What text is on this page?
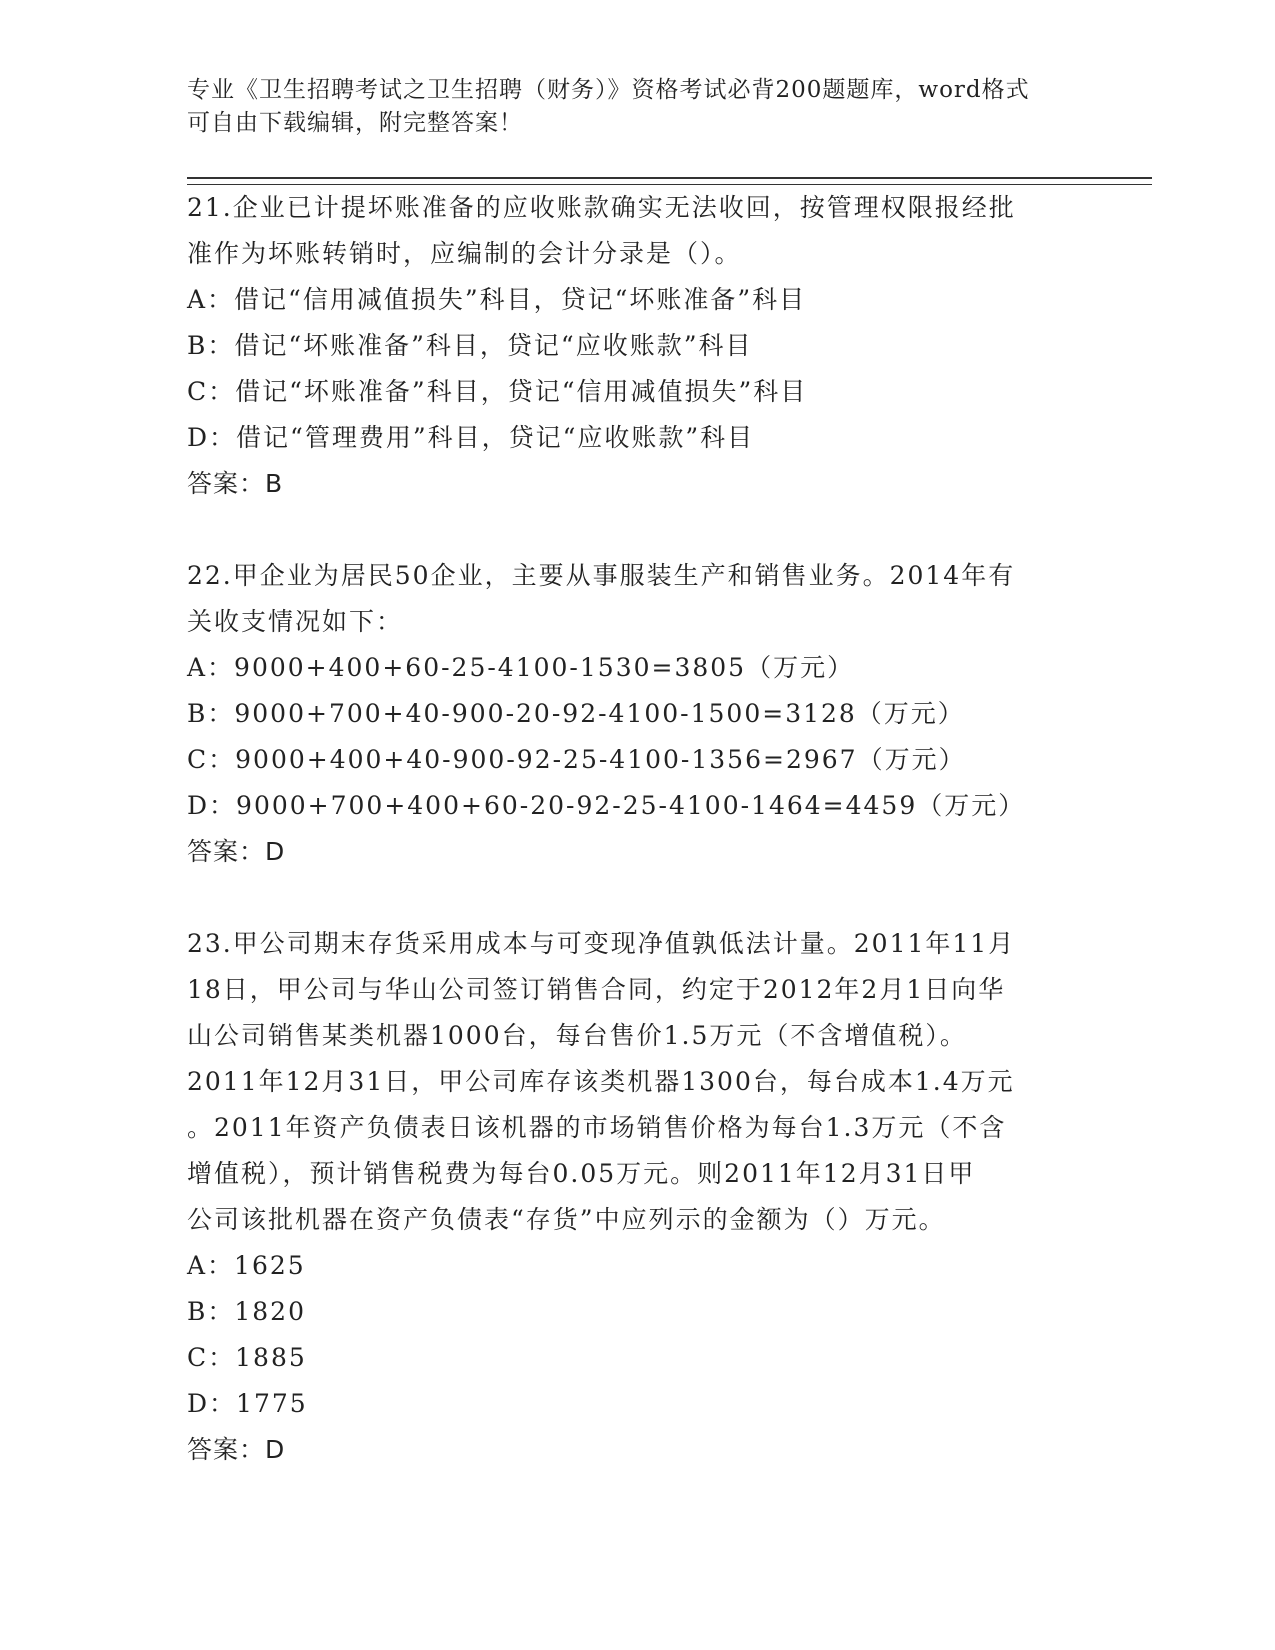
专业《卫生招聘考试之卫生招聘（财务）》资格考试必背200题题库，word格式
可自由下载编辑，附完整答案！
21.企业已计提坏账准备的应收账款确实无法收回，按管理权限报经批
准作为坏账转销时，应编制的会计分录是（）。
A：借记“信用减值损失”科目，贷记“坏账准备”科目
B：借记“坏账准备”科目，贷记“应收账款”科目
C：借记“坏账准备”科目，贷记“信用减值损失”科目
D：借记“管理费用”科目，贷记“应收账款”科目
答案：B
22.甲企业为居民50企业，主要从事服装生产和销售业务。2014年有
关收支情况如下：
A：9000+400+60-25-4100-1530=3805（万元）
B：9000+700+40-900-20-92-4100-1500=3128（万元）
C：9000+400+40-900-92-25-4100-1356=2967（万元）
D：9000+700+400+60-20-92-25-4100-1464=4459（万元）
答案：D
23.甲公司期末存货采用成本与可变现净值孰低法计量。2011年11月
18日，甲公司与华山公司签订销售合同，约定于2012年2月1日向华
山公司销售某类机器1000台，每台售价1.5万元（不含增值税）。
2011年12月31日，甲公司库存该类机器1300台，每台成本1.4万元
。2011年资产负债表日该机器的市场销售价格为每台1.3万元（不含
增值税），预计销售税费为每台0.05万元。则2011年12月31日甲
公司该批机器在资产负债表“存货”中应列示的金额为（）万元。
A：1625
B：1820
C：1885
D：1775
答案：D
